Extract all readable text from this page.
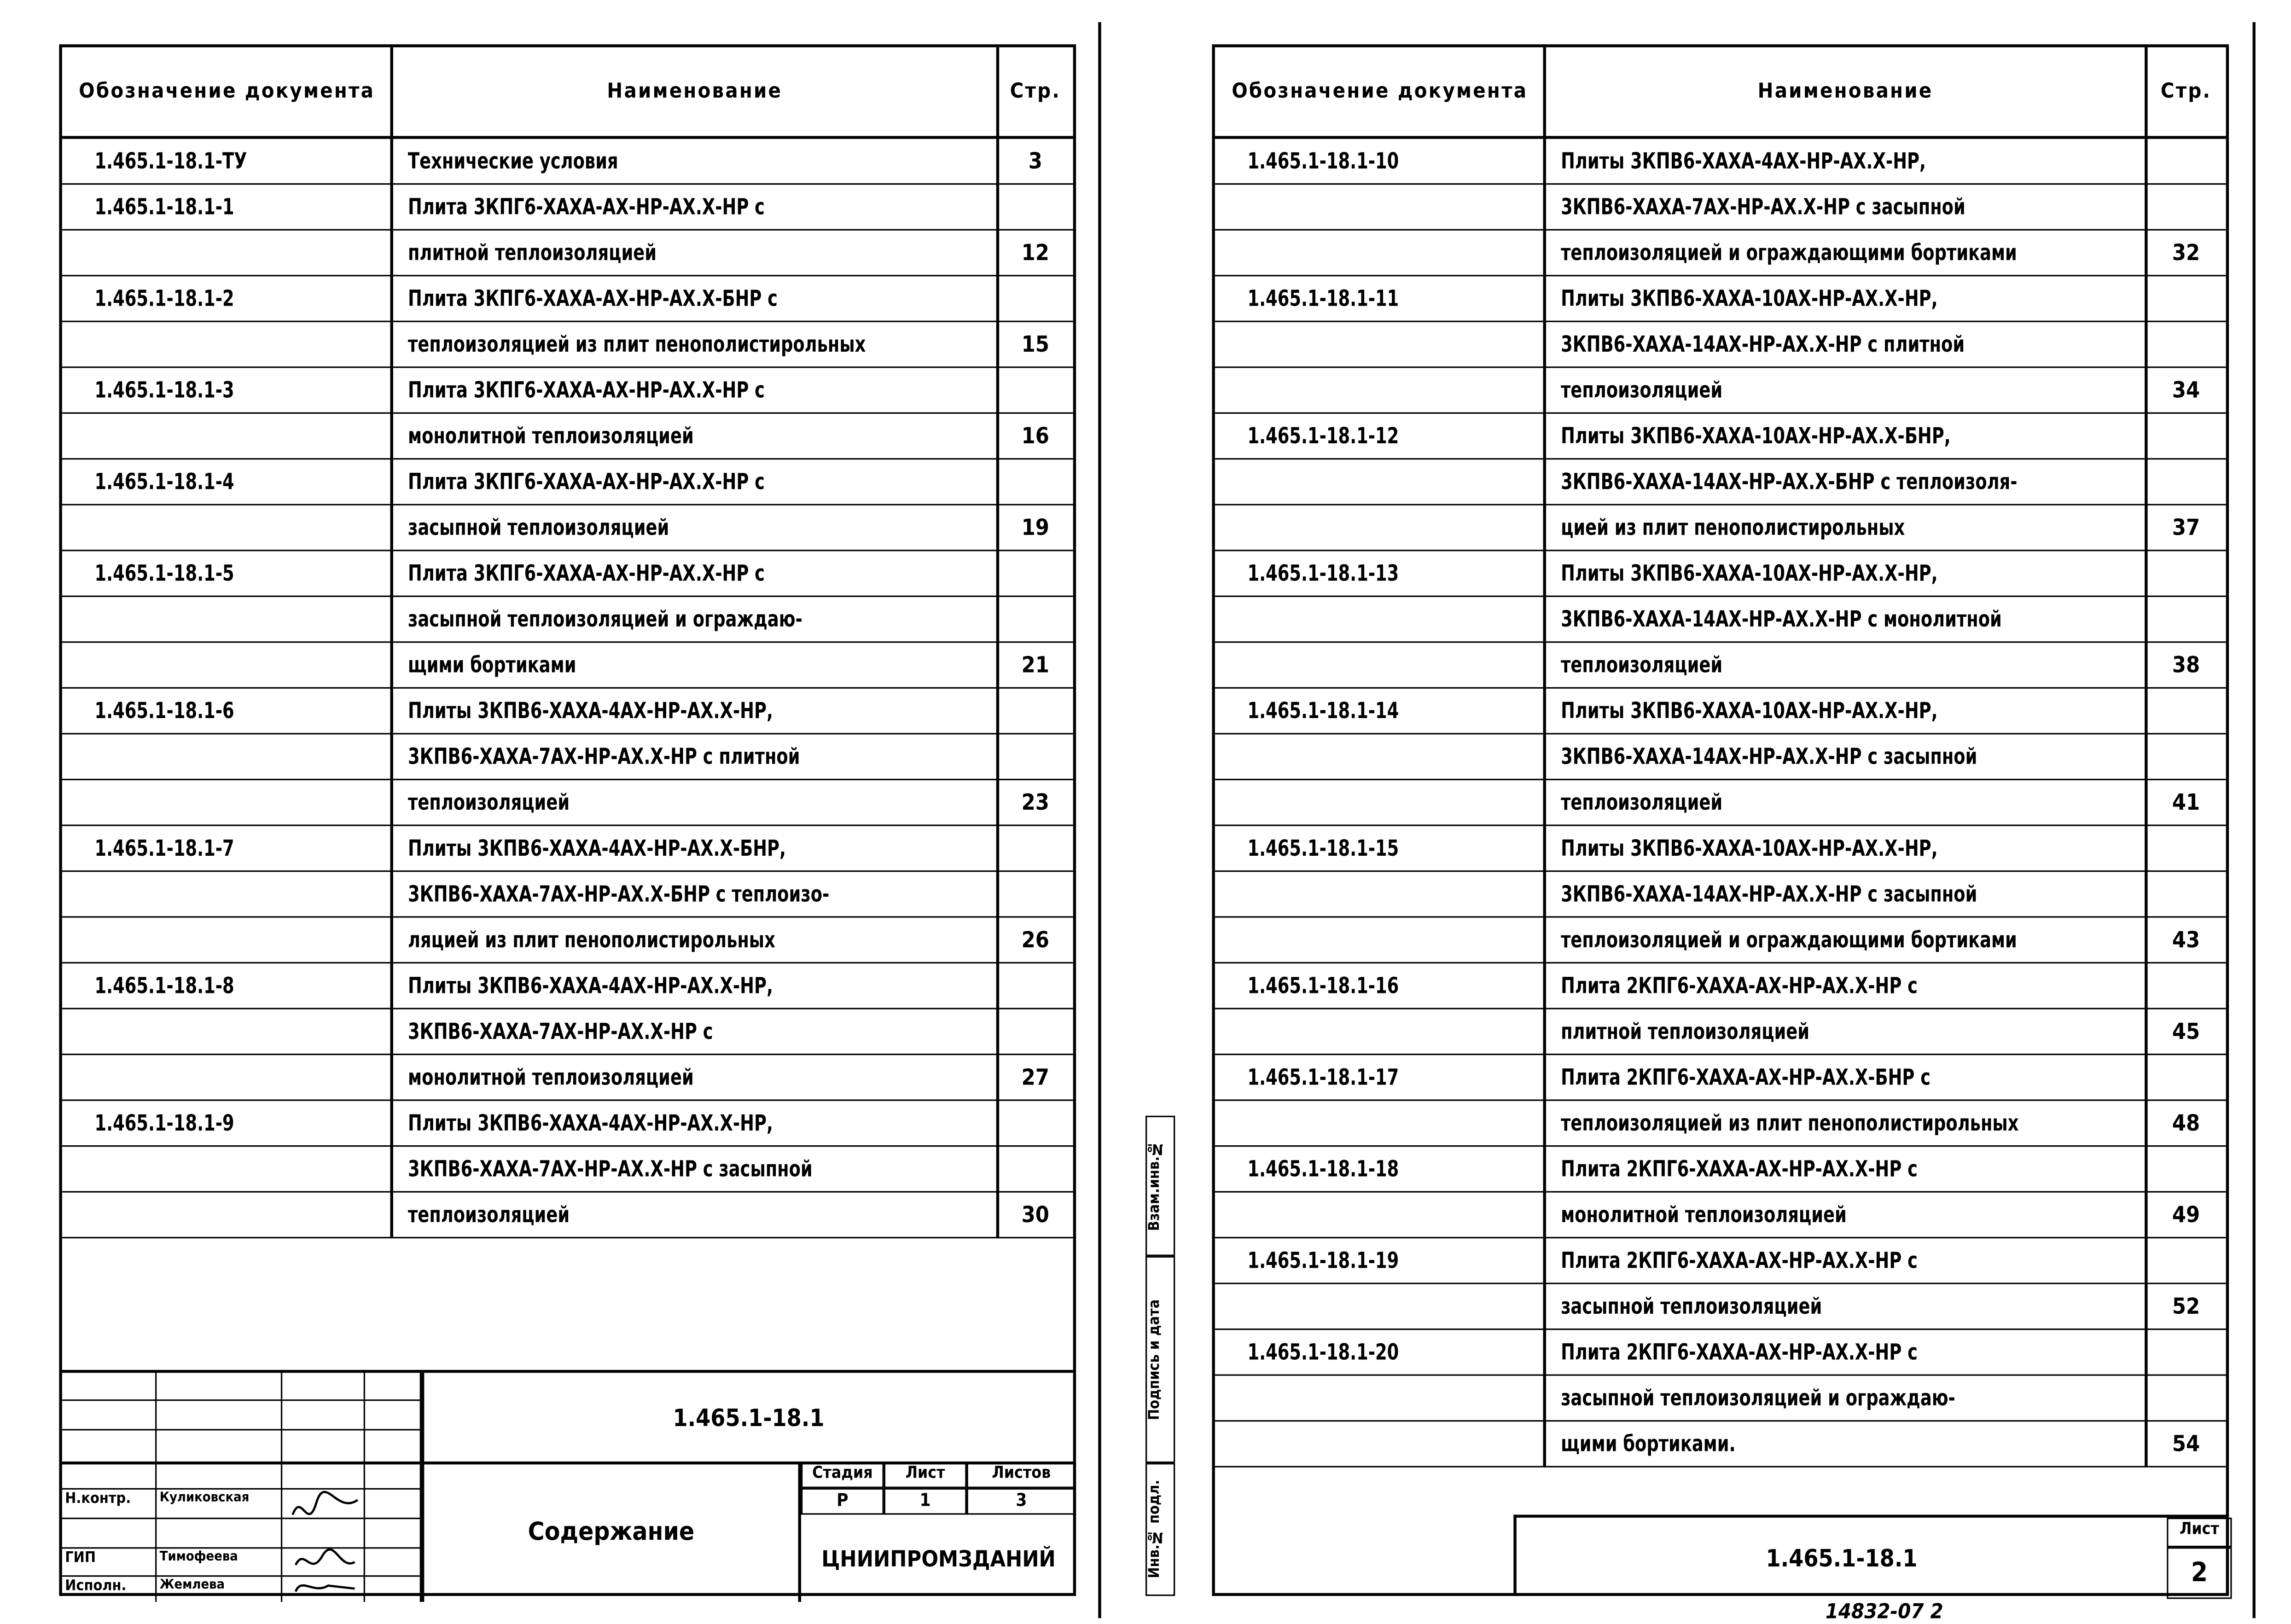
Обозначение документа	Наименование	Стр.
1.465.1-18.1-ТУ	Технические условия	3
1.465.1-18.1-1	Плита 3КПГ6-ХАХА-АХ-НР-АХ.Х-НР с
плитной теплоизоляцией	12
1.465.1-18.1-2	Плита 3КПГ6-ХАХА-АХ-НР-АХ.Х-БНР с
теплоизоляцией из плит пенополистирольных	15
1.465.1-18.1-3	Плита 3КПГ6-ХАХА-АХ-НР-АХ.Х-НР с
монолитной теплоизоляцией	16
1.465.1-18.1-4	Плита 3КПГ6-ХАХА-АХ-НР-АХ.Х-НР с
засыпной теплоизоляцией	19
1.465.1-18.1-5	Плита 3КПГ6-ХАХА-АХ-НР-АХ.Х-НР с
засыпной теплоизоляцией и ограждаю-
щими бортиками	21
1.465.1-18.1-6	Плиты 3КПВ6-ХАХА-4АХ-НР-АХ.Х-НР,
3КПВ6-ХАХА-7АХ-НР-АХ.Х-НР с плитной
теплоизоляцией	23
1.465.1-18.1-7	Плиты 3КПВ6-ХАХА-4АХ-НР-АХ.Х-БНР,
3КПВ6-ХАХА-7АХ-НР-АХ.Х-БНР с теплоизо-
ляцией из плит пенополистирольных	26
1.465.1-18.1-8	Плиты 3КПВ6-ХАХА-4АХ-НР-АХ.Х-НР,
3КПВ6-ХАХА-7АХ-НР-АХ.Х-НР с
монолитной теплоизоляцией	27
1.465.1-18.1-9	Плиты 3КПВ6-ХАХА-4АХ-НР-АХ.Х-НР,
3КПВ6-ХАХА-7АХ-НР-АХ.Х-НР с засыпной
теплоизоляцией	30
Н.контр.	Куликовская
ГИП	Тимофеева
Исполн.	Жемлева
1.465.1-18.1
Содержание
Стадия	Лист	Листов
Р	1	3
ЦНИИПРОМЗДАНИЙ
Обозначение документа	Наименование	Стр.
1.465.1-18.1-10	Плиты 3КПВ6-ХАХА-4АХ-НР-АХ.Х-НР,
3КПВ6-ХАХА-7АХ-НР-АХ.Х-НР с засыпной
теплоизоляцией и ограждающими бортиками	32
1.465.1-18.1-11	Плиты 3КПВ6-ХАХА-10АХ-НР-АХ.Х-НР,
3КПВ6-ХАХА-14АХ-НР-АХ.Х-НР с плитной
теплоизоляцией	34
1.465.1-18.1-12	Плиты 3КПВ6-ХАХА-10АХ-НР-АХ.Х-БНР,
3КПВ6-ХАХА-14АХ-НР-АХ.Х-БНР с теплоизоля-
цией из плит пенополистирольных	37
1.465.1-18.1-13	Плиты 3КПВ6-ХАХА-10АХ-НР-АХ.Х-НР,
3КПВ6-ХАХА-14АХ-НР-АХ.Х-НР с монолитной
теплоизоляцией	38
1.465.1-18.1-14	Плиты 3КПВ6-ХАХА-10АХ-НР-АХ.Х-НР,
3КПВ6-ХАХА-14АХ-НР-АХ.Х-НР с засыпной
теплоизоляцией	41
1.465.1-18.1-15	Плиты 3КПВ6-ХАХА-10АХ-НР-АХ.Х-НР,
3КПВ6-ХАХА-14АХ-НР-АХ.Х-НР с засыпной
теплоизоляцией и ограждающими бортиками	43
1.465.1-18.1-16	Плита 2КПГ6-ХАХА-АХ-НР-АХ.Х-НР с
плитной теплоизоляцией	45
1.465.1-18.1-17	Плита 2КПГ6-ХАХА-АХ-НР-АХ.Х-БНР с
теплоизоляцией из плит пенополистирольных	48
1.465.1-18.1-18	Плита 2КПГ6-ХАХА-АХ-НР-АХ.Х-НР с
монолитной теплоизоляцией	49
1.465.1-18.1-19	Плита 2КПГ6-ХАХА-АХ-НР-АХ.Х-НР с
засыпной теплоизоляцией	52
1.465.1-18.1-20	Плита 2КПГ6-ХАХА-АХ-НР-АХ.Х-НР с
засыпной теплоизоляцией и ограждаю-
щими бортиками.	54
1.465.1-18.1
Лист
2
Инв.№ подл.
Подпись и дата
Взам.инв.№
14832-07 2
